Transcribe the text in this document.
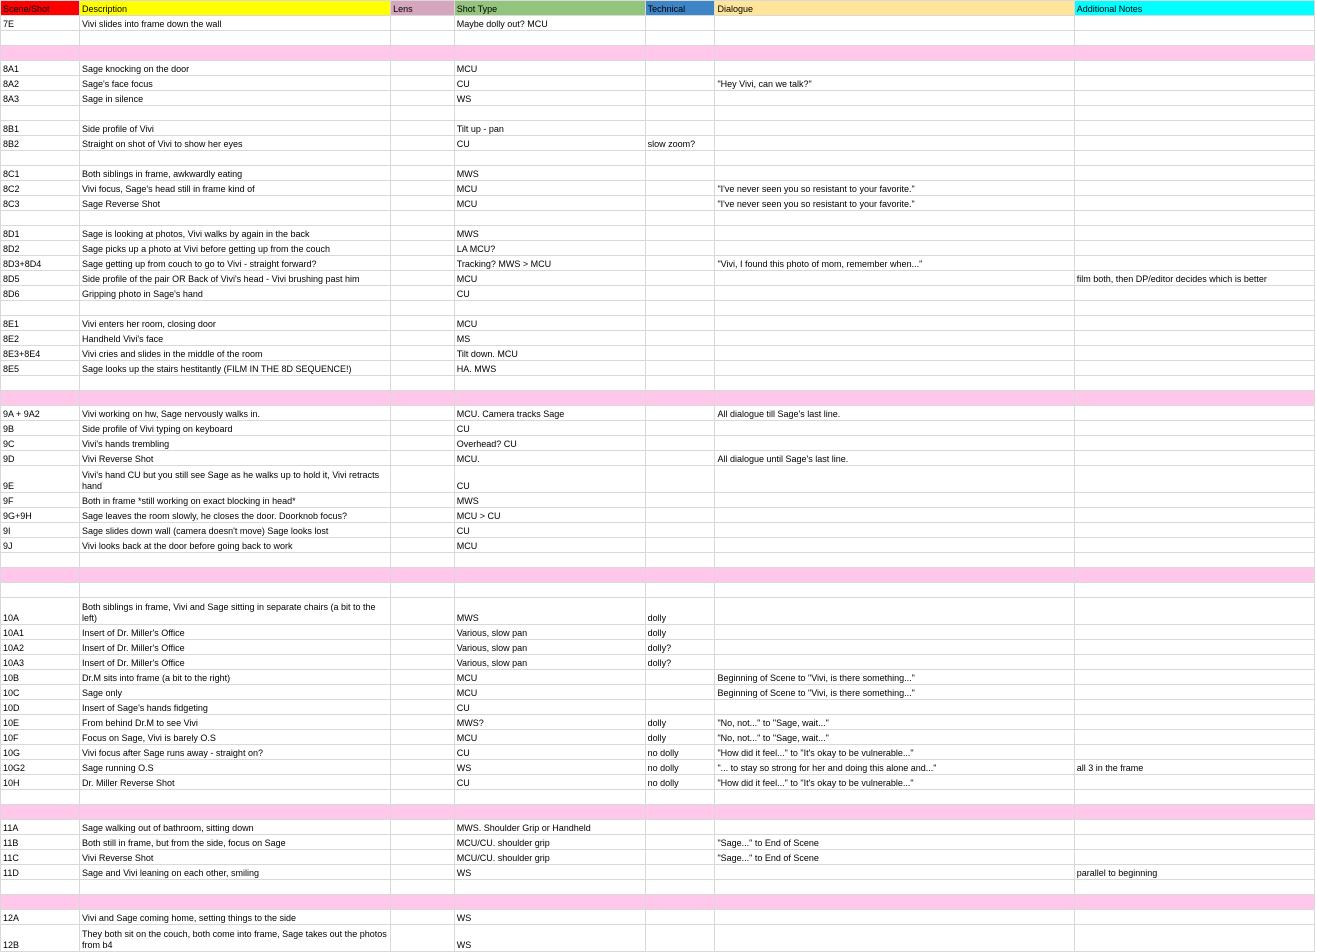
Scene/Shot	Description	Lens	Shot Type	Technical	Dialogue	Additional Notes
7E	Vivi slides into frame down the wall		Maybe dolly out? MCU			

8A1	Sage knocking on the door		MCU			
8A2	Sage's face focus		CU		"Hey Vivi, can we talk?"	
8A3	Sage in silence		WS			

8B1	Side profile of Vivi		Tilt up - pan			
8B2	Straight on shot of Vivi to show her eyes		CU	slow zoom?		

8C1	Both siblings in frame, awkwardly eating		MWS			
8C2	Vivi focus, Sage's head still in frame kind of		MCU		"I've never seen you so resistant to your favorite."	
8C3	Sage Reverse Shot		MCU		"I've never seen you so resistant to your favorite."	

8D1	Sage is looking at photos, Vivi walks by again in the back		MWS			
8D2	Sage picks up a photo at Vivi before getting up from the couch		LA MCU?			
8D3+8D4	Sage getting up from couch to go to Vivi - straight forward?		Tracking? MWS > MCU		"Vivi, I found this photo of mom, remember when..."	
8D5	Side profile of the pair OR Back of Vivi's head - Vivi brushing past him		MCU			film both, then DP/editor decides which is better
8D6	Gripping photo in Sage's hand		CU			

8E1	Vivi enters her room, closing door		MCU			
8E2	Handheld Vivi's face		MS			
8E3+8E4	Vivi cries and slides in the middle of the room		Tilt down. MCU			
8E5	Sage looks up the stairs hestitantly (FILM IN THE 8D SEQUENCE!)		HA. MWS			

9A + 9A2	Vivi working on hw, Sage nervously walks in.		MCU. Camera tracks Sage		All dialogue till Sage's last line.	
9B	Side profile of Vivi typing on keyboard		CU			
9C	Vivi's hands trembling		Overhead? CU			
9D	Vivi Reverse Shot		MCU.		All dialogue until Sage's last line.	
9E	Vivi's hand CU but you still see Sage as he walks up to hold it, Vivi retracts hand		CU			
9F	Both in frame *still working on exact blocking in head*		MWS			
9G+9H	Sage leaves the room slowly, he closes the door. Doorknob focus?		MCU > CU			
9I	Sage slides down wall (camera doesn't move) Sage looks lost		CU			
9J	Vivi looks back at the door before going back to work		MCU			

10A	Both siblings in frame, Vivi and Sage sitting in separate chairs (a bit to the left)		MWS	dolly		
10A1	Insert of Dr. Miller's Office		Various, slow pan	dolly		
10A2	Insert of Dr. Miller's Office		Various, slow pan	dolly?		
10A3	Insert of Dr. Miller's Office		Various, slow pan	dolly?		
10B	Dr.M sits into frame (a bit to the right)		MCU		Beginning of Scene to "Vivi, is there something..."	
10C	Sage only		MCU		Beginning of Scene to "Vivi, is there something..."	
10D	Insert of Sage's hands fidgeting		CU			
10E	From behind Dr.M to see Vivi		MWS?	dolly	"No, not..." to "Sage, wait..."	
10F	Focus on Sage, Vivi is barely O.S		MCU	dolly	"No, not..." to "Sage, wait..."	
10G	Vivi focus after Sage runs away - straight on?		CU	no dolly	"How did it feel..." to "It's okay to be vulnerable..."	
10G2	Sage running O.S		WS	no dolly	"... to stay so strong for her and doing this alone and..."	all 3 in the frame
10H	Dr. Miller Reverse Shot		CU	no dolly	"How did it feel..." to "It's okay to be vulnerable..."	

11A	Sage walking out of bathroom, sitting down		MWS. Shoulder Grip or Handheld			
11B	Both still in frame, but from the side, focus on Sage		MCU/CU. shoulder grip		"Sage..." to End of Scene	
11C	Vivi Reverse Shot		MCU/CU. shoulder grip		"Sage..." to End of Scene	
11D	Sage and Vivi leaning on each other, smiling		WS			parallel to beginning

12A	Vivi and Sage coming home, setting things to the side		WS			
12B	They both sit on the couch, both come into frame, Sage takes out the photos from b4		WS			
